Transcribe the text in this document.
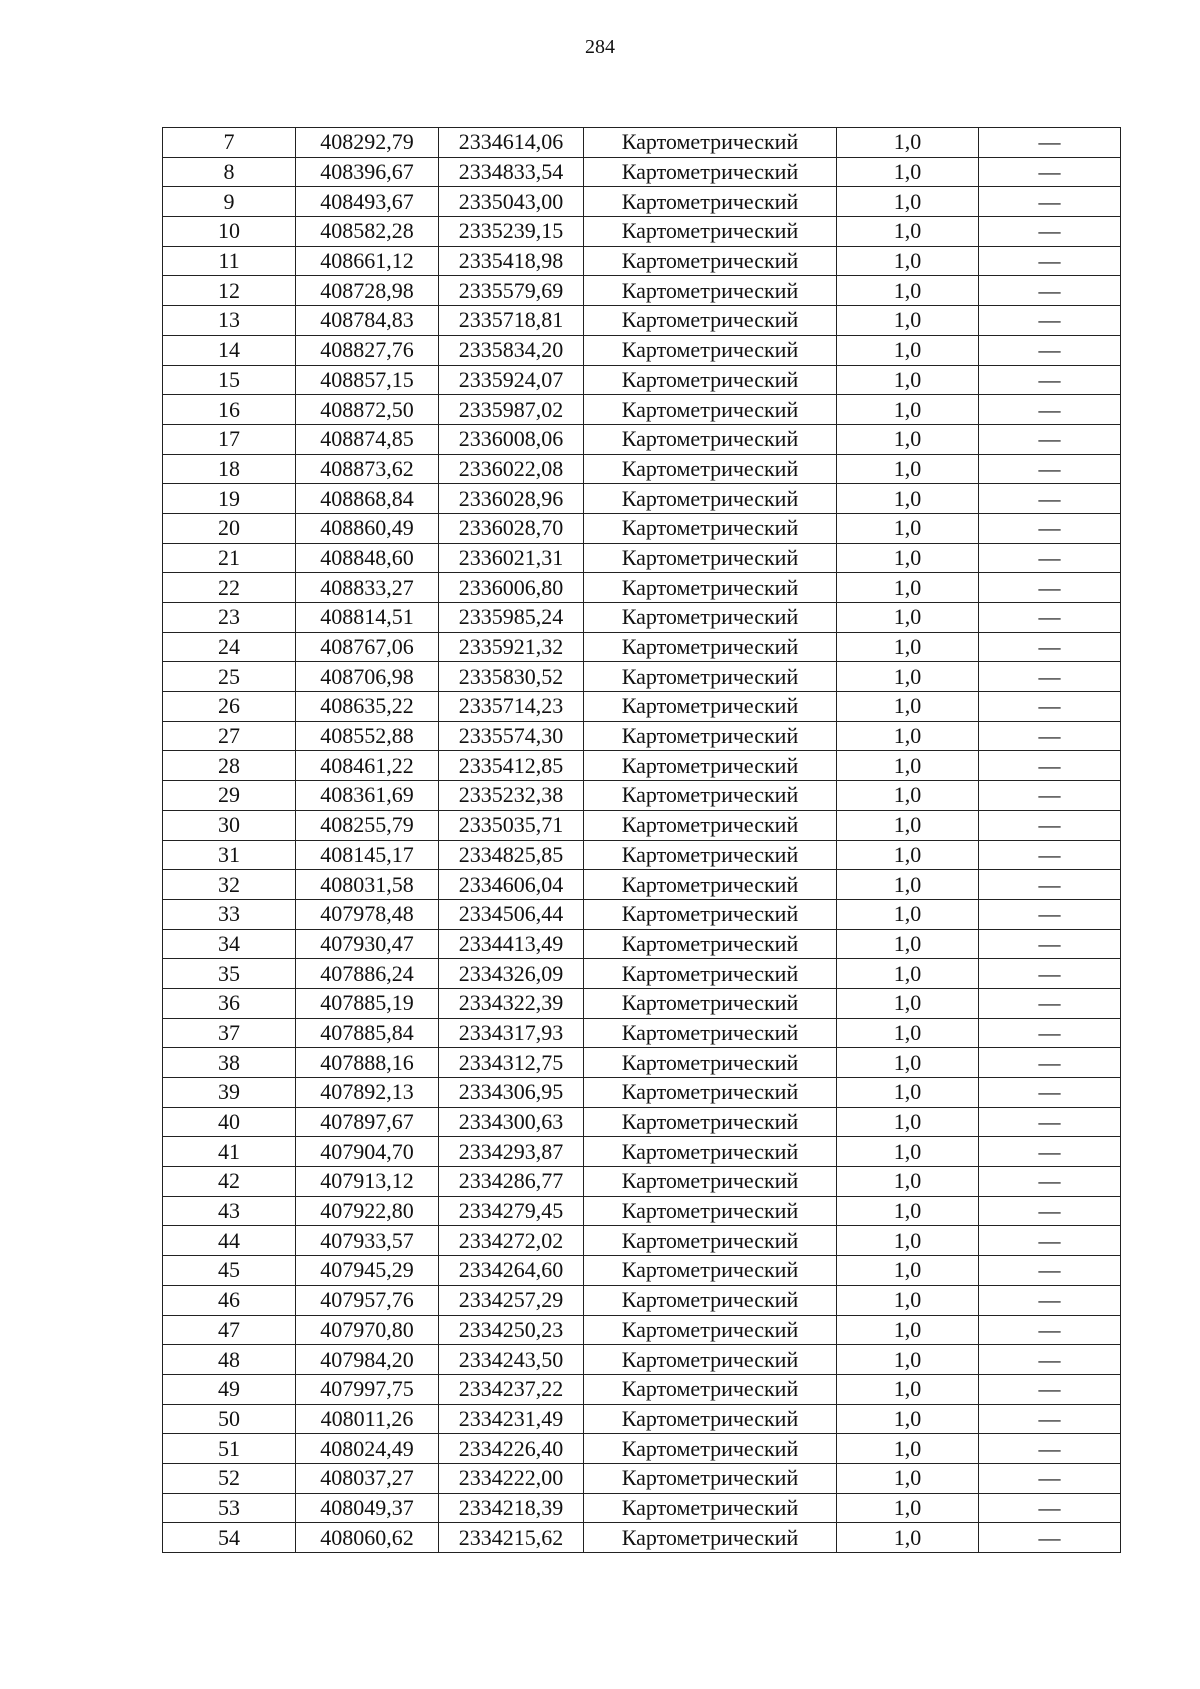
284
7	408292,79	2334614,06	Картометрический	1,0	—
8	408396,67	2334833,54	Картометрический	1,0	—
9	408493,67	2335043,00	Картометрический	1,0	—
10	408582,28	2335239,15	Картометрический	1,0	—
11	408661,12	2335418,98	Картометрический	1,0	—
12	408728,98	2335579,69	Картометрический	1,0	—
13	408784,83	2335718,81	Картометрический	1,0	—
14	408827,76	2335834,20	Картометрический	1,0	—
15	408857,15	2335924,07	Картометрический	1,0	—
16	408872,50	2335987,02	Картометрический	1,0	—
17	408874,85	2336008,06	Картометрический	1,0	—
18	408873,62	2336022,08	Картометрический	1,0	—
19	408868,84	2336028,96	Картометрический	1,0	—
20	408860,49	2336028,70	Картометрический	1,0	—
21	408848,60	2336021,31	Картометрический	1,0	—
22	408833,27	2336006,80	Картометрический	1,0	—
23	408814,51	2335985,24	Картометрический	1,0	—
24	408767,06	2335921,32	Картометрический	1,0	—
25	408706,98	2335830,52	Картометрический	1,0	—
26	408635,22	2335714,23	Картометрический	1,0	—
27	408552,88	2335574,30	Картометрический	1,0	—
28	408461,22	2335412,85	Картометрический	1,0	—
29	408361,69	2335232,38	Картометрический	1,0	—
30	408255,79	2335035,71	Картометрический	1,0	—
31	408145,17	2334825,85	Картометрический	1,0	—
32	408031,58	2334606,04	Картометрический	1,0	—
33	407978,48	2334506,44	Картометрический	1,0	—
34	407930,47	2334413,49	Картометрический	1,0	—
35	407886,24	2334326,09	Картометрический	1,0	—
36	407885,19	2334322,39	Картометрический	1,0	—
37	407885,84	2334317,93	Картометрический	1,0	—
38	407888,16	2334312,75	Картометрический	1,0	—
39	407892,13	2334306,95	Картометрический	1,0	—
40	407897,67	2334300,63	Картометрический	1,0	—
41	407904,70	2334293,87	Картометрический	1,0	—
42	407913,12	2334286,77	Картометрический	1,0	—
43	407922,80	2334279,45	Картометрический	1,0	—
44	407933,57	2334272,02	Картометрический	1,0	—
45	407945,29	2334264,60	Картометрический	1,0	—
46	407957,76	2334257,29	Картометрический	1,0	—
47	407970,80	2334250,23	Картометрический	1,0	—
48	407984,20	2334243,50	Картометрический	1,0	—
49	407997,75	2334237,22	Картометрический	1,0	—
50	408011,26	2334231,49	Картометрический	1,0	—
51	408024,49	2334226,40	Картометрический	1,0	—
52	408037,27	2334222,00	Картометрический	1,0	—
53	408049,37	2334218,39	Картометрический	1,0	—
54	408060,62	2334215,62	Картометрический	1,0	—
